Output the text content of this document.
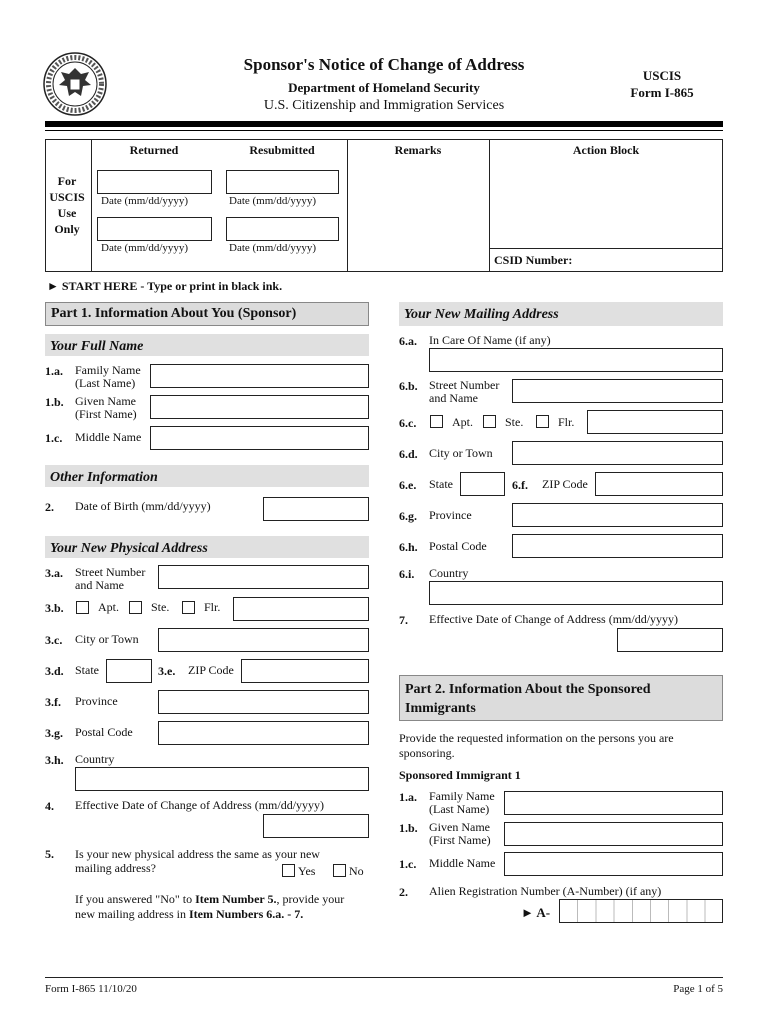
Sponsor's Notice of Change of Address
Department of Homeland Security
U.S. Citizenship and Immigration Services
USCIS
Form I-865
For
USCIS
Use
Only
Returned	Resubmitted	Remarks	Action Block
Date (mm/dd/yyyy)	Date (mm/dd/yyyy)
Date (mm/dd/yyyy)	Date (mm/dd/yyyy)
CSID Number:
► START HERE - Type or print in black ink.
Part 1. Information About You (Sponsor)
Your Full Name
1.a. Family Name
(Last Name)
1.b. Given Name
(First Name)
1.c. Middle Name
Other Information
2. Date of Birth (mm/dd/yyyy)
Your New Physical Address
3.a. Street Number
and Name
3.b.	Apt.	Ste.	Flr.
3.c. City or Town
3.d. State	3.e. ZIP Code
3.f. Province
3.g. Postal Code
3.h. Country
4. Effective Date of Change of Address (mm/dd/yyyy)
5. Is your new physical address the same as your new
mailing address?	Yes	No
If you answered "No" to Item Number 5., provide your
new mailing address in Item Numbers 6.a. - 7.
Your New Mailing Address
6.a. In Care Of Name (if any)
6.b. Street Number
and Name
6.c.	Apt.	Ste.	Flr.
6.d. City or Town
6.e. State	6.f. ZIP Code
6.g. Province
6.h. Postal Code
6.i. Country
7. Effective Date of Change of Address (mm/dd/yyyy)
Part 2. Information About the Sponsored
Immigrants
Provide the requested information on the persons you are
sponsoring.
Sponsored Immigrant 1
1.a. Family Name
(Last Name)
1.b. Given Name
(First Name)
1.c. Middle Name
2. Alien Registration Number (A-Number) (if any)
► A-
Form I-865 11/10/20	Page 1 of 5
